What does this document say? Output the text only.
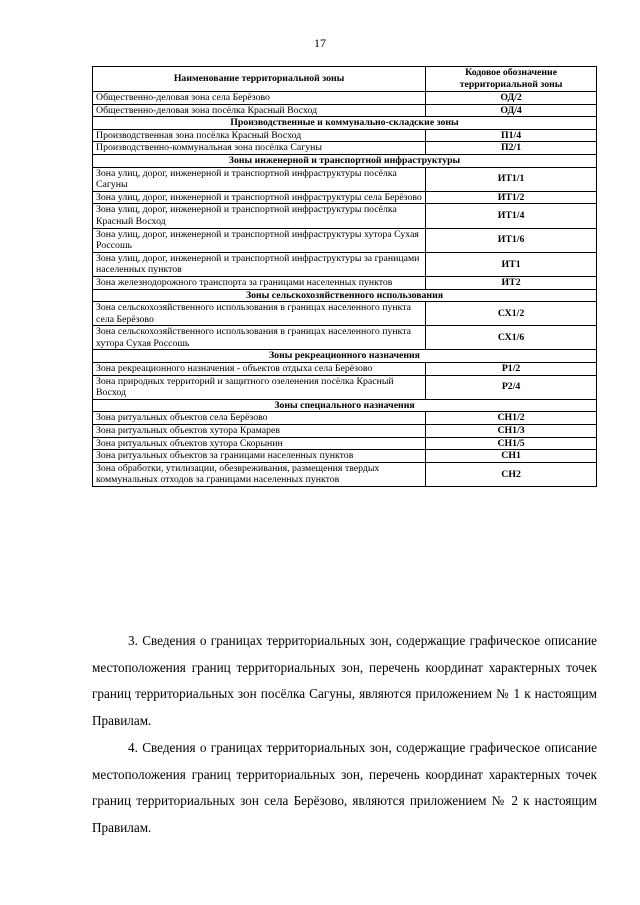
17
Наименование территориальной зоны	Кодовое обозначение территориальной зоны
Общественно-деловая зона села Берёзово	ОД/2
Общественно-деловая зона посёлка Красный Восход	ОД/4
Производственные и коммунально-складские зоны	
Производственная зона посёлка Красный Восход	П1/4
Производственно-коммунальная зона посёлка Сагуны	П2/1
Зоны инженерной и транспортной инфраструктуры	
Зона улиц, дорог, инженерной и транспортной инфраструктуры посёлка Сагуны	ИТ1/1
Зона улиц, дорог, инженерной и транспортной инфраструктуры села Берёзово	ИТ1/2
Зона улиц, дорог, инженерной и транспортной инфраструктуры посёлка Красный Восход	ИТ1/4
Зона улиц, дорог, инженерной и транспортной инфраструктуры хутора Сухая Россошь	ИТ1/6
Зона улиц, дорог, инженерной и транспортной инфраструктуры за границами населенных пунктов	ИТ1
Зона железнодорожного транспорта за границами населенных пунктов	ИТ2
Зоны сельскохозяйственного использования	
Зона сельскохозяйственного использования в границах населенного пункта села Берёзово	СХ1/2
Зона сельскохозяйственного использования в границах населенного пункта хутора Сухая Россошь	СХ1/6
Зоны рекреационного назначения	
Зона рекреационного назначения - объектов отдыха села Берёзово	Р1/2
Зона природных территорий и защитного озеленения посёлка Красный Восход	Р2/4
Зоны специального назначения	
Зона ритуальных объектов села Берёзово	СН1/2
Зона ритуальных объектов хутора Крамарев	СН1/3
Зона ритуальных объектов хутора Скорынин	СН1/5
Зона ритуальных объектов за границами населенных пунктов	СН1
Зона обработки, утилизации, обезвреживания, размещения твердых коммунальных отходов за границами населенных пунктов	СН2
3. Сведения о границах территориальных зон, содержащие графическое описание местоположения границ территориальных зон, перечень координат характерных точек границ территориальных зон посёлка Сагуны, являются приложением № 1 к настоящим Правилам.
4. Сведения о границах территориальных зон, содержащие графическое описание местоположения границ территориальных зон, перечень координат характерных точек границ территориальных зон села Берёзово, являются приложением № 2 к настоящим Правилам.
